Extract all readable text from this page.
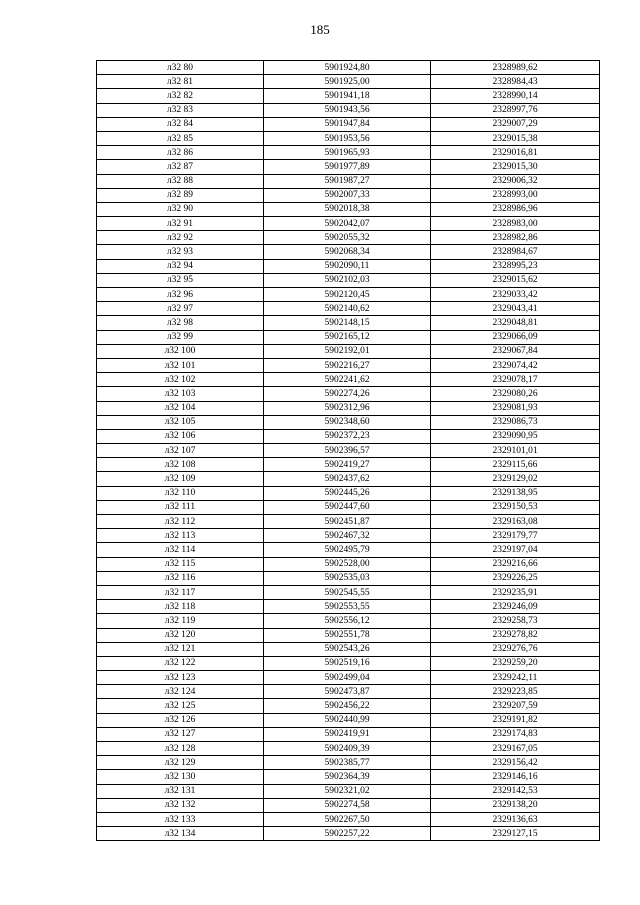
185
л32 80	5901924,80	2328989,62
л32 81	5901925,00	2328984,43
л32 82	5901941,18	2328990,14
л32 83	5901943,56	2328997,76
л32 84	5901947,84	2329007,29
л32 85	5901953,56	2329015,38
л32 86	5901965,93	2329016,81
л32 87	5901977,89	2329015,30
л32 88	5901987,27	2329006,32
л32 89	5902007,33	2328993,00
л32 90	5902018,38	2328986,96
л32 91	5902042,07	2328983,00
л32 92	5902055,32	2328982,86
л32 93	5902068,34	2328984,67
л32 94	5902090,11	2328995,23
л32 95	5902102,03	2329015,62
л32 96	5902120,45	2329033,42
л32 97	5902140,62	2329043,41
л32 98	5902148,15	2329048,81
л32 99	5902165,12	2329066,09
л32 100	5902192,01	2329067,84
л32 101	5902216,27	2329074,42
л32 102	5902241,62	2329078,17
л32 103	5902274,26	2329080,26
л32 104	5902312,96	2329081,93
л32 105	5902348,60	2329086,73
л32 106	5902372,23	2329090,95
л32 107	5902396,57	2329101,01
л32 108	5902419,27	2329115,66
л32 109	5902437,62	2329129,02
л32 110	5902445,26	2329138,95
л32 111	5902447,60	2329150,53
л32 112	5902451,87	2329163,08
л32 113	5902467,32	2329179,77
л32 114	5902495,79	2329197,04
л32 115	5902528,00	2329216,66
л32 116	5902535,03	2329226,25
л32 117	5902545,55	2329235,91
л32 118	5902553,55	2329246,09
л32 119	5902556,12	2329258,73
л32 120	5902551,78	2329278,82
л32 121	5902543,26	2329276,76
л32 122	5902519,16	2329259,20
л32 123	5902499,04	2329242,11
л32 124	5902473,87	2329223,85
л32 125	5902456,22	2329207,59
л32 126	5902440,99	2329191,82
л32 127	5902419,91	2329174,83
л32 128	5902409,39	2329167,05
л32 129	5902385,77	2329156,42
л32 130	5902364,39	2329146,16
л32 131	5902321,02	2329142,53
л32 132	5902274,58	2329138,20
л32 133	5902267,50	2329136,63
л32 134	5902257,22	2329127,15
